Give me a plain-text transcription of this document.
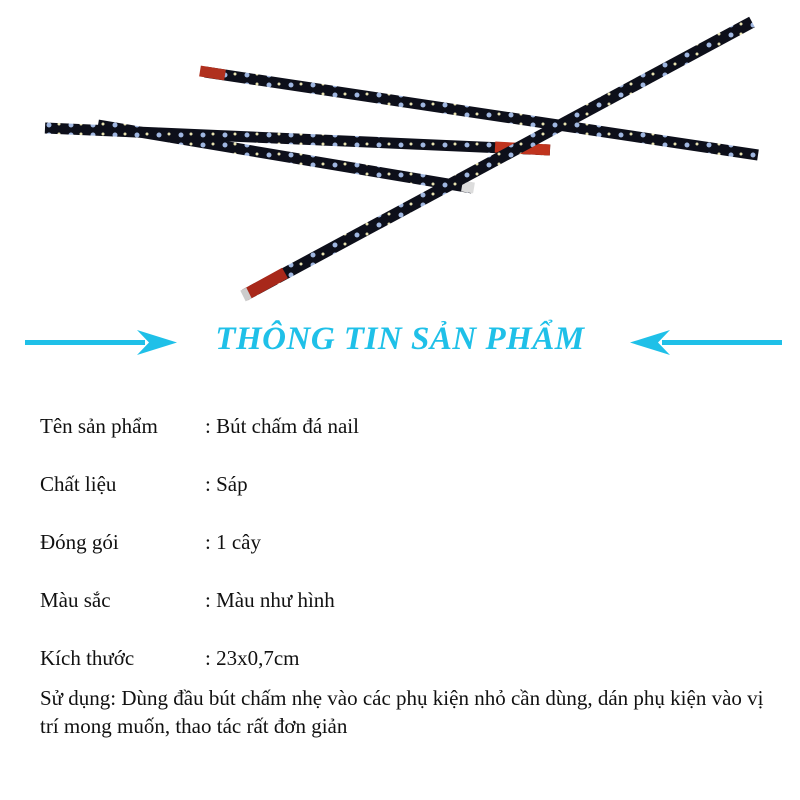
THÔNG TIN SẢN PHẨM
Tên sản phẩm : Bút chấm đá nail
Chất liệu	: Sáp
Đóng gói	: 1 cây
Màu sắc	: Màu như hình
Kích thước	: 23x0,7cm
Sử dụng: Dùng đầu bút chấm nhẹ vào các phụ kiện nhỏ cần dùng, dán phụ kiện vào vị trí mong muốn, thao tác rất đơn giản
